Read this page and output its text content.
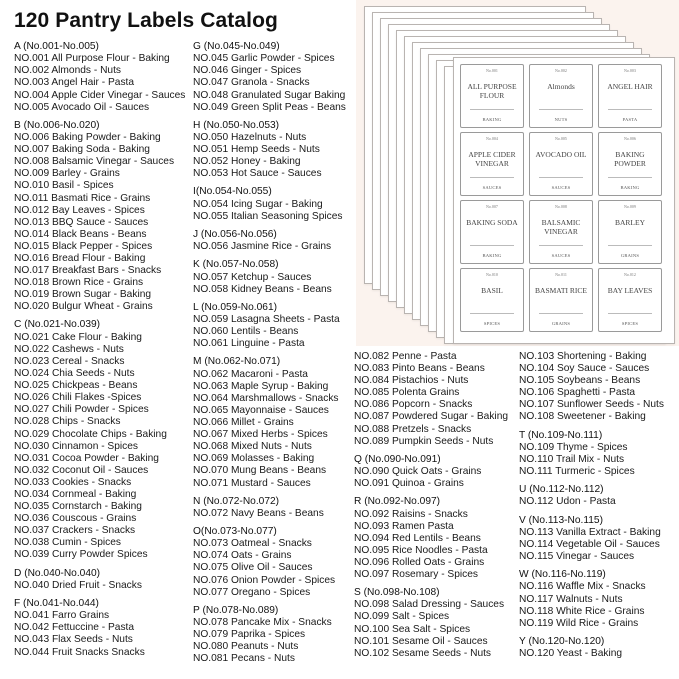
No.001
ALL PURPOSE FLOUR
BAKING
No.002
Almonds
NUTS
No.003
ANGEL HAIR
PASTA
No.004
APPLE CIDER VINEGAR
SAUCES
No.005
AVOCADO OIL
SAUCES
No.006
BAKING POWDER
BAKING
No.007
BAKING SODA
BAKING
No.008
BALSAMIC VINEGAR
SAUCES
No.009
BARLEY
GRAINS
No.010
BASIL
SPICES
No.011
BASMATI RICE
GRAINS
No.012
BAY LEAVES
SPICES
120 Pantry Labels Catalog
A (No.001-No.005)
NO.001 All Purpose Flour - Baking
NO.002 Almonds - Nuts
NO.003 Angel Hair - Pasta
NO.004 Apple Cider Vinegar - Sauces
NO.005 Avocado Oil - Sauces
B (No.006-No.020)
NO.006 Baking Powder - Baking
NO.007 Baking Soda - Baking
NO.008 Balsamic Vinegar - Sauces
NO.009 Barley - Grains
NO.010 Basil - Spices
NO.011 Basmati Rice - Grains
NO.012 Bay Leaves - Spices
NO.013 BBQ Sauce - Sauces
NO.014 Black Beans - Beans
NO.015 Black Pepper - Spices
NO.016 Bread Flour - Baking
NO.017 Breakfast Bars - Snacks
NO.018 Brown Rice - Grains
NO.019 Brown Sugar - Baking
NO.020 Bulgur Wheat - Grains
C (No.021-No.039)
NO.021 Cake Flour - Baking
NO.022 Cashews - Nuts
NO.023 Cereal - Snacks
NO.024 Chia Seeds - Nuts
NO.025 Chickpeas - Beans
NO.026 Chili Flakes -Spices
NO.027 Chili Powder - Spices
NO.028 Chips - Snacks
NO.029 Chocolate Chips - Baking
NO.030 Cinnamon - Spices
NO.031 Cocoa Powder - Baking
NO.032 Coconut Oil - Sauces
NO.033 Cookies - Snacks
NO.034 Cornmeal - Baking
NO.035 Cornstarch - Baking
NO.036 Couscous - Grains
NO.037 Crackers - Snacks
NO.038 Cumin - Spices
NO.039 Curry Powder Spices
D (No.040-No.040)
NO.040 Dried Fruit - Snacks
F (No.041-No.044)
NO.041 Farro Grains
NO.042 Fettuccine - Pasta
NO.043 Flax Seeds - Nuts
NO.044 Fruit Snacks Snacks
G (No.045-No.049)
NO.045 Garlic Powder - Spices
NO.046 Ginger - Spices
NO.047 Granola - Snacks
NO.048 Granulated Sugar Baking
NO.049 Green Split Peas - Beans
H (No.050-No.053)
NO.050 Hazelnuts - Nuts
NO.051 Hemp Seeds - Nuts
NO.052 Honey - Baking
NO.053 Hot Sauce - Sauces
I(No.054-No.055)
NO.054 Icing Sugar - Baking
NO.055 Italian Seasoning Spices
J (No.056-No.056)
NO.056 Jasmine Rice - Grains
K (No.057-No.058)
NO.057 Ketchup - Sauces
NO.058 Kidney Beans - Beans
L (No.059-No.061)
NO.059 Lasagna Sheets - Pasta
NO.060 Lentils - Beans
NO.061 Linguine - Pasta
M (No.062-No.071)
NO.062 Macaroni - Pasta
NO.063 Maple Syrup - Baking
NO.064 Marshmallows - Snacks
NO.065 Mayonnaise - Sauces
NO.066 Millet - Grains
NO.067 Mixed Herbs - Spices
NO.068 Mixed Nuts - Nuts
NO.069 Molasses - Baking
NO.070 Mung Beans - Beans
NO.071 Mustard - Sauces
N (No.072-No.072)
NO.072 Navy Beans - Beans
O(No.073-No.077)
NO.073 Oatmeal - Snacks
NO.074 Oats - Grains
NO.075 Olive Oil - Sauces
NO.076 Onion Powder - Spices
NO.077 Oregano - Spices
P (No.078-No.089)
NO.078 Pancake Mix - Snacks
NO.079 Paprika - Spices
NO.080 Peanuts - Nuts
NO.081 Pecans - Nuts
NO.082 Penne - Pasta
NO.083 Pinto Beans - Beans
NO.084 Pistachios - Nuts
NO.085 Polenta Grains
NO.086 Popcorn - Snacks
NO.087 Powdered Sugar - Baking
NO.088 Pretzels - Snacks
NO.089 Pumpkin Seeds - Nuts
Q (No.090-No.091)
NO.090 Quick Oats - Grains
NO.091 Quinoa - Grains
R (No.092-No.097)
NO.092 Raisins - Snacks
NO.093 Ramen Pasta
NO.094 Red Lentils - Beans
NO.095 Rice Noodles - Pasta
NO.096 Rolled Oats - Grains
NO.097 Rosemary - Spices
S (No.098-No.108)
NO.098 Salad Dressing - Sauces
NO.099 Salt - Spices
NO.100 Sea Salt - Spices
NO.101 Sesame Oil - Sauces
NO.102 Sesame Seeds - Nuts
NO.103 Shortening - Baking
NO.104 Soy Sauce - Sauces
NO.105 Soybeans - Beans
NO.106 Spaghetti - Pasta
NO.107 Sunflower Seeds - Nuts
NO.108 Sweetener - Baking
T (No.109-No.111)
NO.109 Thyme - Spices
NO.110 Trail Mix - Nuts
NO.111 Turmeric - Spices
U (No.112-No.112)
NO.112 Udon - Pasta
V (No.113-No.115)
NO.113 Vanilla Extract - Baking
NO.114 Vegetable Oil - Sauces
NO.115 Vinegar - Sauces
W (No.116-No.119)
NO.116 Waffle Mix - Snacks
NO.117 Walnuts - Nuts
NO.118 White Rice - Grains
NO.119 Wild Rice - Grains
Y (No.120-No.120)
NO.120 Yeast - Baking
